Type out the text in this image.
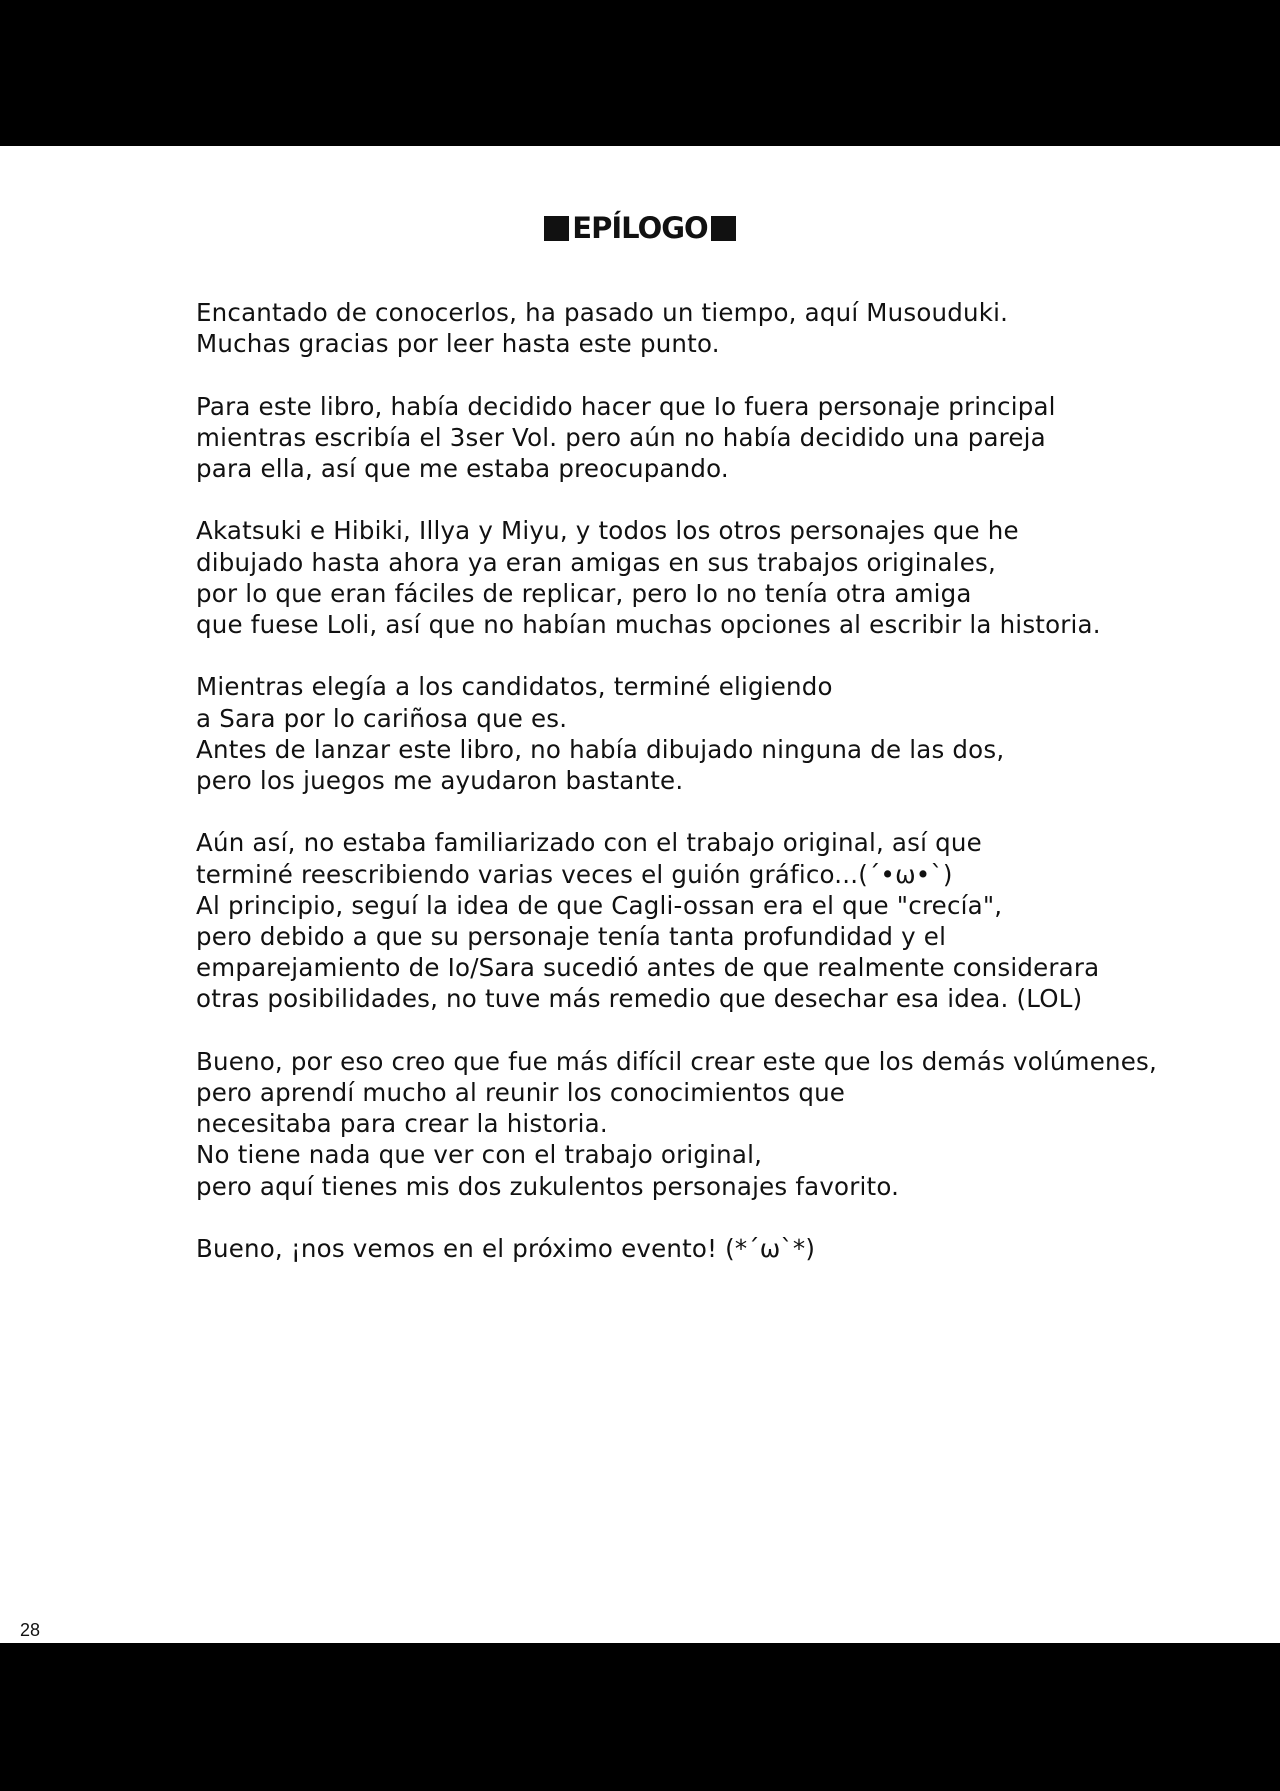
EPÍLOGO
Encantado de conocerlos, ha pasado un tiempo, aquí Musouduki.
Muchas gracias por leer hasta este punto.
Para este libro, había decidido hacer que Io fuera personaje principal
mientras escribía el 3ser Vol. pero aún no había decidido una pareja
para ella, así que me estaba preocupando.
Akatsuki e Hibiki, Illya y Miyu, y todos los otros personajes que he
dibujado hasta ahora ya eran amigas en sus trabajos originales,
por lo que eran fáciles de replicar, pero Io no tenía otra amiga
que fuese Loli, así que no habían muchas opciones al escribir la historia.
Mientras elegía a los candidatos, terminé eligiendo
a Sara por lo cariñosa que es.
Antes de lanzar este libro, no había dibujado ninguna de las dos,
pero los juegos me ayudaron bastante.
Aún así, no estaba familiarizado con el trabajo original, así que
terminé reescribiendo varias veces el guión gráfico...(´•ω•`)
Al principio, seguí la idea de que Cagli-ossan era el que "crecía",
pero debido a que su personaje tenía tanta profundidad y el
emparejamiento de Io/Sara sucedió antes de que realmente considerara
otras posibilidades, no tuve más remedio que desechar esa idea. (LOL)
Bueno, por eso creo que fue más difícil crear este que los demás volúmenes,
pero aprendí mucho al reunir los conocimientos que
necesitaba para crear la historia.
No tiene nada que ver con el trabajo original,
pero aquí tienes mis dos zukulentos personajes favorito.
Bueno, ¡nos vemos en el próximo evento! (*´ω`*)
28
